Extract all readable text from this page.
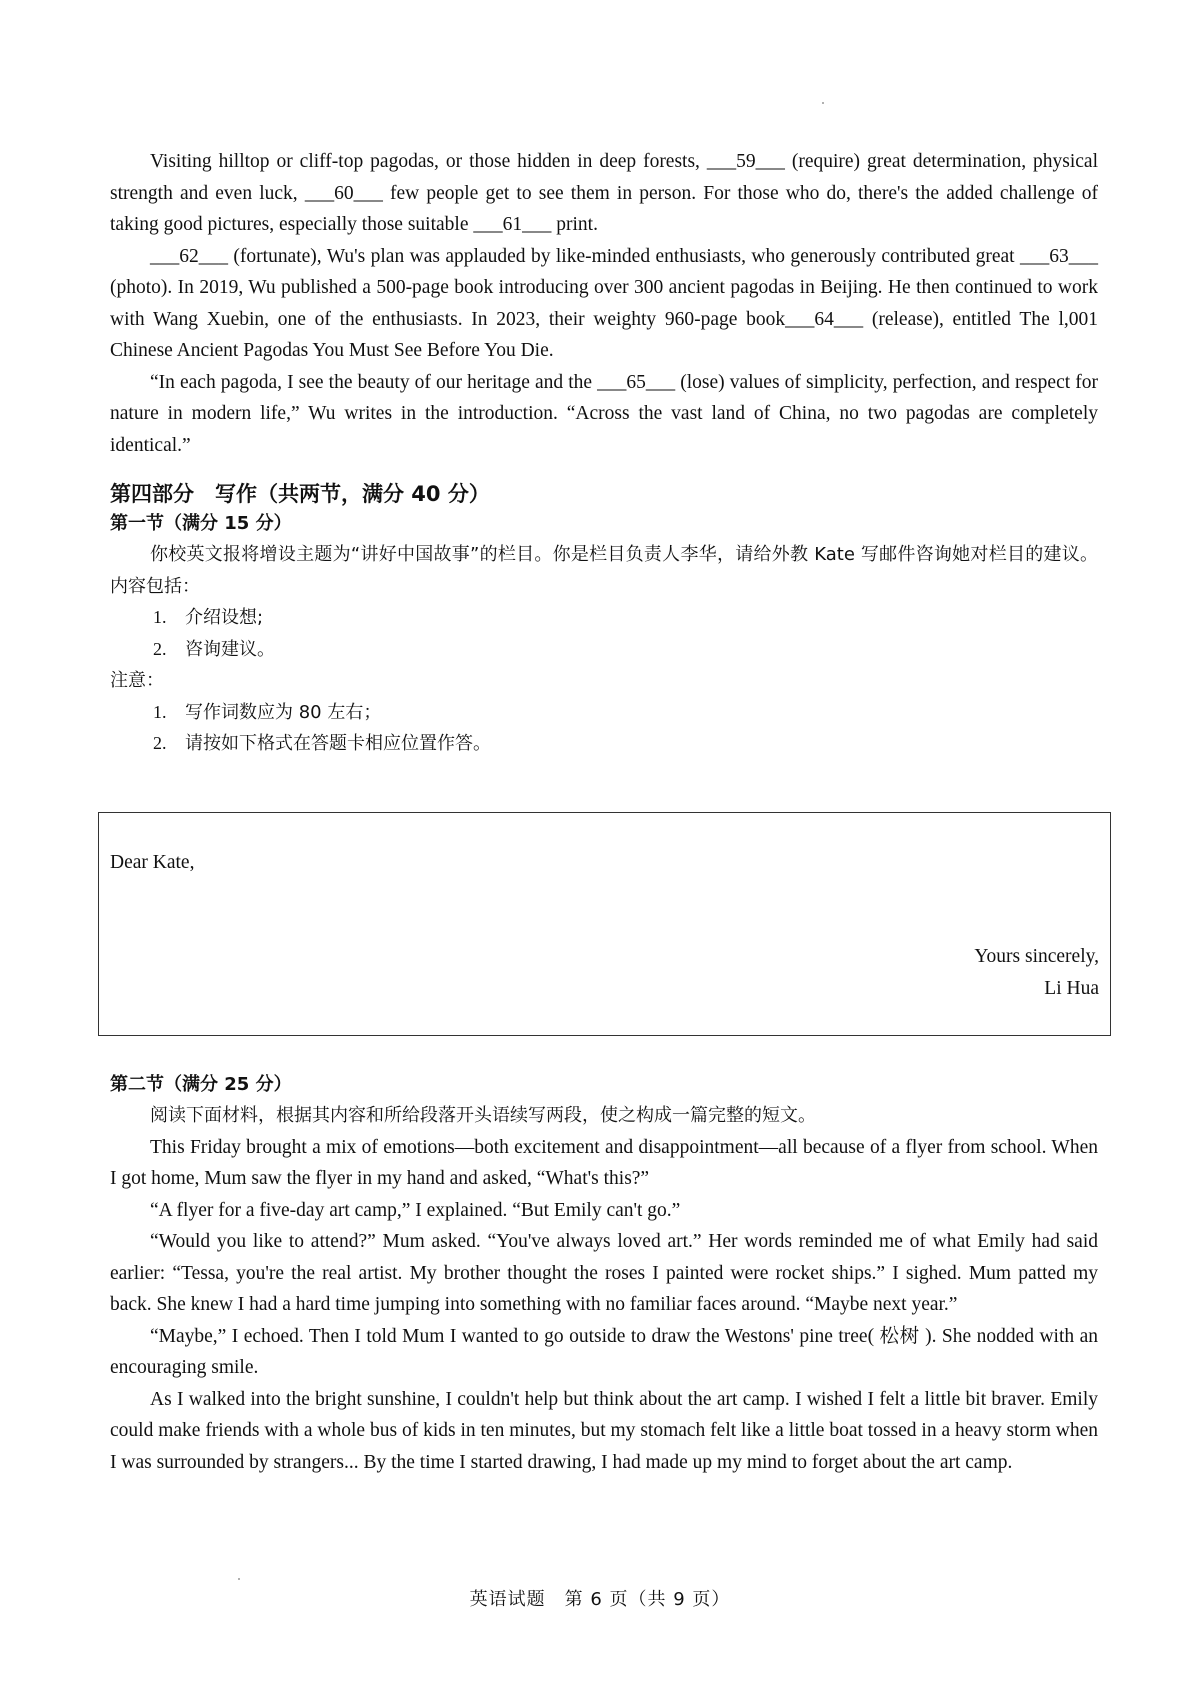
Visiting hilltop or cliff-top pagodas, or those hidden in deep forests, ___59___ (require) great determination, physical strength and even luck, ___60___ few people get to see them in person. For those who do, there's the added challenge of taking good pictures, especially those suitable ___61___ print.

___62___ (fortunate), Wu's plan was applauded by like-minded enthusiasts, who generously contributed great ___63___ (photo). In 2019, Wu published a 500-page book introducing over 300 ancient pagodas in Beijing. He then continued to work with Wang Xuebin, one of the enthusiasts. In 2023, their weighty 960-page book___64___ (release), entitled The l,001 Chinese Ancient Pagodas You Must See Before You Die.

“In each pagoda, I see the beauty of our heritage and the ___65___ (lose) values of simplicity, perfection, and respect for nature in modern life,” Wu writes in the introduction. “Across the vast land of China, no two pagodas are completely identical.”

第四部分　写作（共两节，满分 40 分）

第一节（满分 15 分）

你校英文报将增设主题为“讲好中国故事”的栏目。你是栏目负责人李华，请给外教 Kate 写邮件咨询她对栏目的建议。内容包括：

1. 介绍设想;
2. 咨询建议。

注意：

1. 写作词数应为 80 左右；
2. 请按如下格式在答题卡相应位置作答。
Dear Kate,
Yours sincerely,
Li Hua

第二节（满分 25 分）

阅读下面材料，根据其内容和所给段落开头语续写两段，使之构成一篇完整的短文。

This Friday brought a mix of emotions—both excitement and disappointment—all because of a flyer from school. When I got home, Mum saw the flyer in my hand and asked, “What's this?”

“A flyer for a five-day art camp,” I explained. “But Emily can't go.”

“Would you like to attend?” Mum asked. “You've always loved art.” Her words reminded me of what Emily had said earlier: “Tessa, you're the real artist. My brother thought the roses I painted were rocket ships.” I sighed. Mum patted my back. She knew I had a hard time jumping into something with no familiar faces around. “Maybe next year.”

“Maybe,” I echoed. Then I told Mum I wanted to go outside to draw the Westons' pine tree( 松树 ). She nodded with an encouraging smile.

As I walked into the bright sunshine, I couldn't help but think about the art camp. I wished I felt a little bit braver. Emily could make friends with a whole bus of kids in ten minutes, but my stomach felt like a little boat tossed in a heavy storm when I was surrounded by strangers... By the time I started drawing, I had made up my mind to forget about the art camp.

英语试题　第 6 页（共 9 页）
